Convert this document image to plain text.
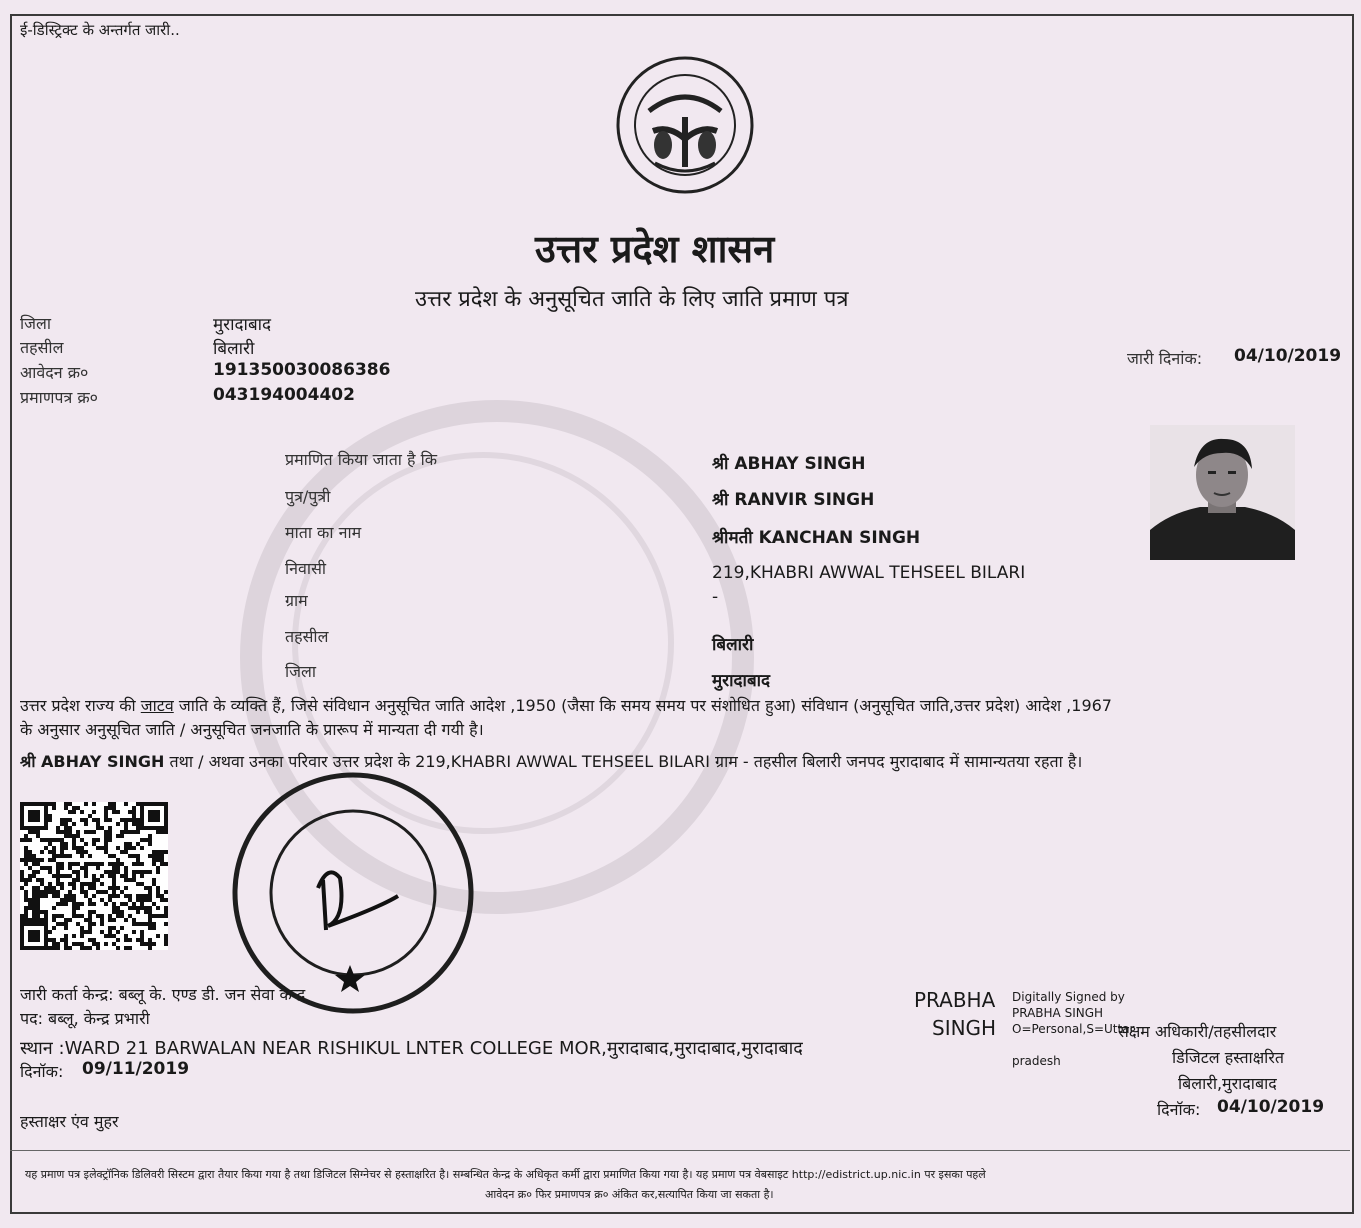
ई-डिस्ट्रिक्ट के अन्तर्गत जारी..
उत्तर प्रदेश शासन
उत्तर प्रदेश के अनुसूचित जाति के लिए जाति प्रमाण पत्र
जिला	मुरादाबाद
तहसील	बिलारी
आवेदन क्र०	191350030086386
प्रमाणपत्र क्र०	043194004402
जारी दिनांक: 04/10/2019
प्रमाणित किया जाता है कि	श्री ABHAY SINGH
पुत्र/पुत्री	श्री RANVIR SINGH
माता का नाम	श्रीमती KANCHAN SINGH
निवासी	219,KHABRI AWWAL TEHSEEL BILARI
ग्राम	-
तहसील	बिलारी
जिला	मुरादाबाद
उत्तर प्रदेश राज्य की जाटव जाति के व्यक्ति हैं, जिसे संविधान अनुसूचित जाति आदेश ,1950 (जैसा कि समय समय पर संशोधित हुआ) संविधान (अनुसूचित जाति,उत्तर प्रदेश) आदेश ,1967
के अनुसार अनुसूचित जाति / अनुसूचित जनजाति के प्रारूप में मान्यता दी गयी है।
श्री ABHAY SINGH तथा / अथवा उनका परिवार उत्तर प्रदेश के 219,KHABRI AWWAL TEHSEEL BILARI ग्राम - तहसील बिलारी जनपद मुरादाबाद में सामान्यतया रहता है।
जारी कर्ता केन्द्र: बब्लू के. एण्ड डी. जन सेवा केन्द्र
पद: बब्लू, केन्द्र प्रभारी
स्थान :WARD 21 BARWALAN NEAR RISHIKUL LNTER COLLEGE MOR,मुरादाबाद,मुरादाबाद,मुरादाबाद
दिनॉक: 09/11/2019
हस्ताक्षर एंव मुहर
PRABHA
SINGH
Digitally Signed by
PRABHA SINGH
O=Personal,S=Uttar
pradesh
सक्षम अधिकारी/तहसीलदार
डिजिटल हस्ताक्षरित
बिलारी,मुरादाबाद
दिनॉक: 04/10/2019
यह प्रमाण पत्र इलेक्ट्रॉनिक डिलिवरी सिस्टम द्वारा तैयार किया गया है तथा डिजिटल सिग्नेचर से हस्ताक्षरित है। सम्बन्धित केन्द्र के अधिकृत कर्मी द्वारा प्रमाणित किया गया है। यह प्रमाण पत्र वेबसाइट http://edistrict.up.nic.in पर इसका पहले
आवेदन क्र० फिर प्रमाणपत्र क्र० अंकित कर,सत्यापित किया जा सकता है।
